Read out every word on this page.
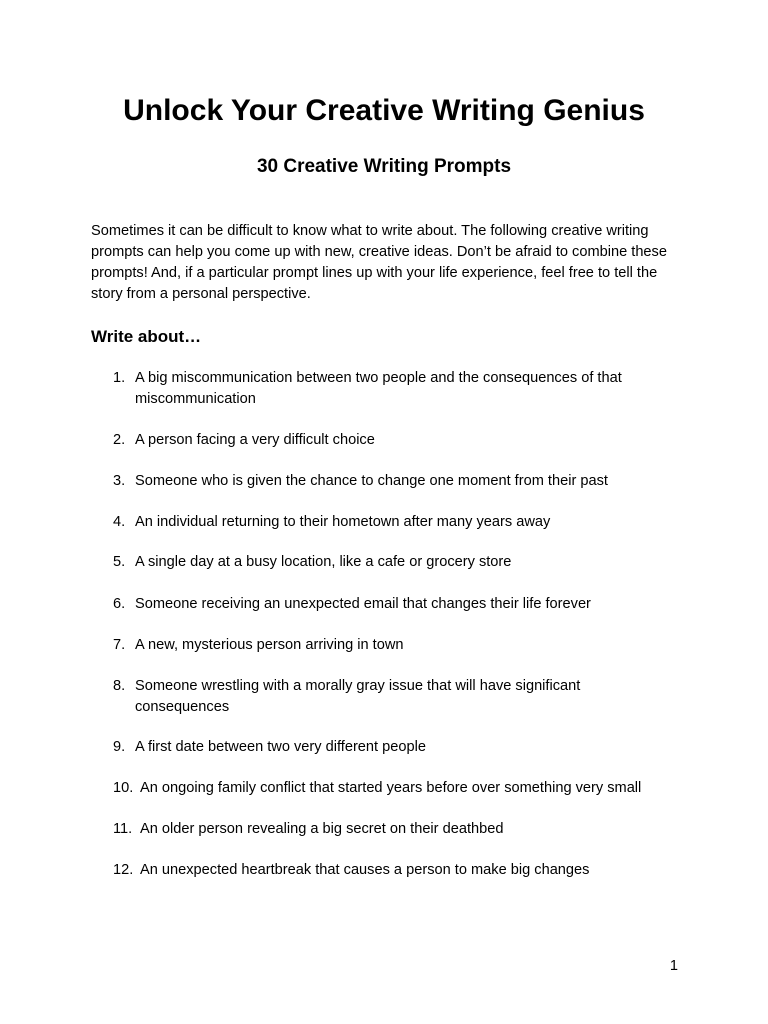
Unlock Your Creative Writing Genius
30 Creative Writing Prompts

Sometimes it can be difficult to know what to write about. The following creative writing prompts can help you come up with new, creative ideas. Don’t be afraid to combine these prompts! And, if a particular prompt lines up with your life experience, feel free to tell the story from a personal perspective.

Write about…
1. A big miscommunication between two people and the consequences of that miscommunication
2. A person facing a very difficult choice
3. Someone who is given the chance to change one moment from their past
4. An individual returning to their hometown after many years away
5. A single day at a busy location, like a cafe or grocery store
6. Someone receiving an unexpected email that changes their life forever
7. A new, mysterious person arriving in town
8. Someone wrestling with a morally gray issue that will have significant consequences
9. A first date between two very different people
10. An ongoing family conflict that started years before over something very small
11. An older person revealing a big secret on their deathbed
12. An unexpected heartbreak that causes a person to make big changes
1
